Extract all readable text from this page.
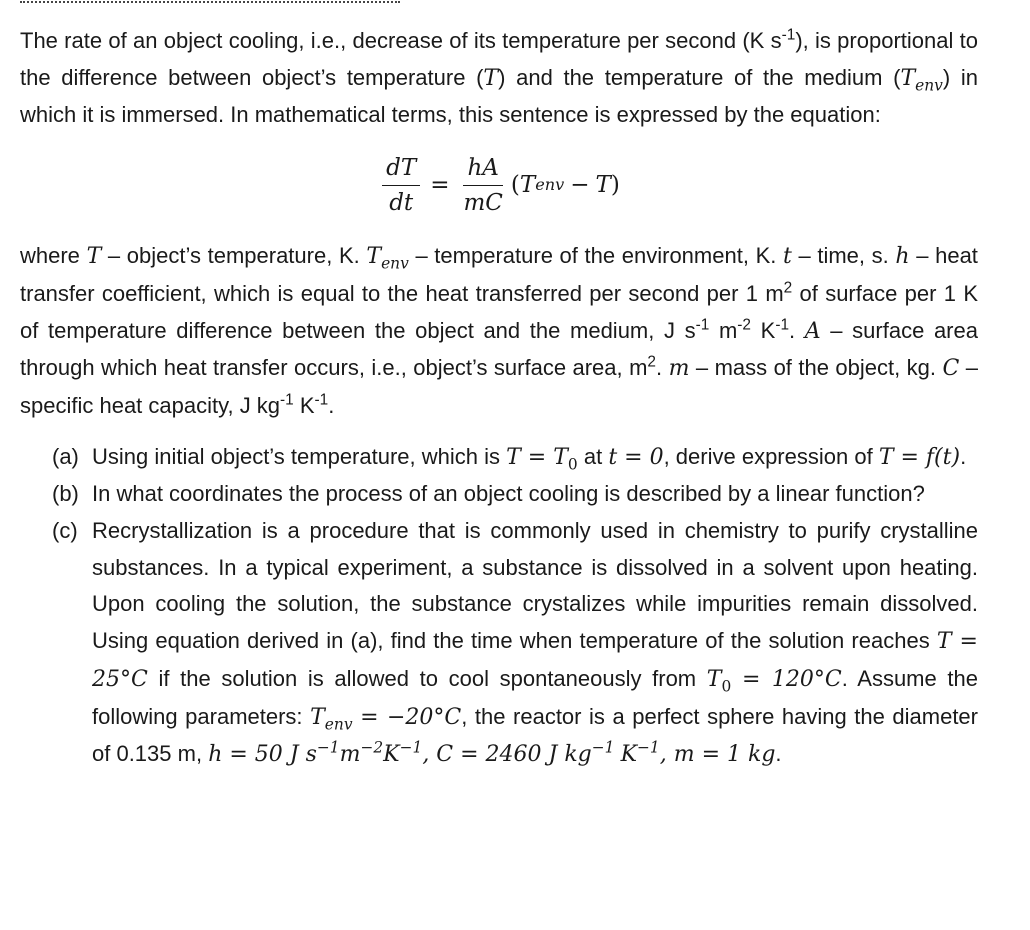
The rate of an object cooling, i.e., decrease of its temperature per second (K $s^{-1}$), is proportional to the difference between object’s temperature (T) and the temperature of the medium $(T_{env})$ in which it is immersed. In mathematical terms, this sentence is expressed by the equation:

$\frac{dT}{dt} = \frac{hA}{mC}$ ( T env − T )

where T – object’s temperature, K. $T_{env}$ – temperature of the environment, K. t – time, s. h – heat transfer coefficient, which is equal to the heat transferred per second per 1 $m^2$ of surface per 1 K of temperature difference between the object and the medium, J $s^{-1}$ $m^{-2}$ $K^{-1}$. A – surface area through which heat transfer occurs, i.e., object’s surface area, $m^2$. m – mass of the object, kg. C – specific heat capacity, J $kg^{-1}$ $K^{-1}$.

(a) Using initial object’s temperature, which is $T = T_0$ at t = 0, derive expression of T = f(t).
(b) In what coordinates the process of an object cooling is described by a linear function?
(c) Recrystallization is a procedure that is commonly used in chemistry to purify crystalline substances. In a typical experiment, a substance is dissolved in a solvent upon heating. Upon cooling the solution, the substance crystalizes while impurities remain dissolved. Using equation derived in (a), find the time when temperature of the solution reaches T = 25°C if the solution is allowed to cool spontaneously from $T_0 = 120^\circ C$. Assume the following parameters: $T_{env} = -20^\circ C$, the reactor is a perfect sphere having the diameter of 0.135 m, h = 50 J $s^{-1}m^{-2}K^{-1}$, C = 2460 J $kg^{-1}$ $K^{-1}$, m = 1 kg.
